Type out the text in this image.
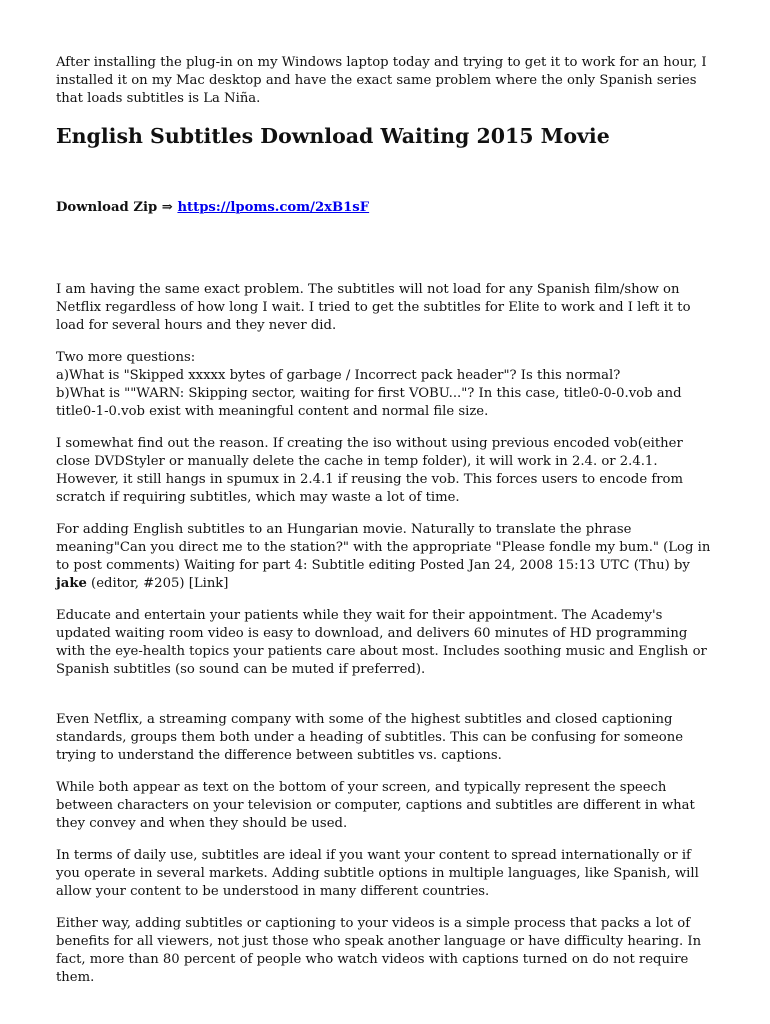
After installing the plug-in on my Windows laptop today and trying to get it to work for an hour, I installed it on my Mac desktop and have the exact same problem where the only Spanish series that loads subtitles is La Niña.

English Subtitles Download Waiting 2015 Movie

Download Zip ⇒ https://lpoms.com/2xB1sF

I am having the same exact problem. The subtitles will not load for any Spanish film/show on Netflix regardless of how long I wait. I tried to get the subtitles for Elite to work and I left it to load for several hours and they never did.

Two more questions:
a)What is "Skipped xxxxx bytes of garbage / Incorrect pack header"? Is this normal?
b)What is ""WARN: Skipping sector, waiting for first VOBU..."? In this case, title0-0-0.vob and title0-1-0.vob exist with meaningful content and normal file size.

I somewhat find out the reason. If creating the iso without using previous encoded vob(either close DVDStyler or manually delete the cache in temp folder), it will work in 2.4. or 2.4.1. However, it still hangs in spumux in 2.4.1 if reusing the vob. This forces users to encode from scratch if requiring subtitles, which may waste a lot of time.

For adding English subtitles to an Hungarian movie. Naturally to translate the phrase meaning"Can you direct me to the station?" with the appropriate "Please fondle my bum." (Log in to post comments) Waiting for part 4: Subtitle editing Posted Jan 24, 2008 15:13 UTC (Thu) by jake (editor, #205) [Link]

Educate and entertain your patients while they wait for their appointment. The Academy's updated waiting room video is easy to download, and delivers 60 minutes of HD programming with the eye-health topics your patients care about most. Includes soothing music and English or Spanish subtitles (so sound can be muted if preferred).

Even Netflix, a streaming company with some of the highest subtitles and closed captioning standards, groups them both under a heading of subtitles. This can be confusing for someone trying to understand the difference between subtitles vs. captions.

While both appear as text on the bottom of your screen, and typically represent the speech between characters on your television or computer, captions and subtitles are different in what they convey and when they should be used.

In terms of daily use, subtitles are ideal if you want your content to spread internationally or if you operate in several markets. Adding subtitle options in multiple languages, like Spanish, will allow your content to be understood in many different countries.

Either way, adding subtitles or captioning to your videos is a simple process that packs a lot of benefits for all viewers, not just those who speak another language or have difficulty hearing. In fact, more than 80 percent of people who watch videos with captions turned on do not require them.
